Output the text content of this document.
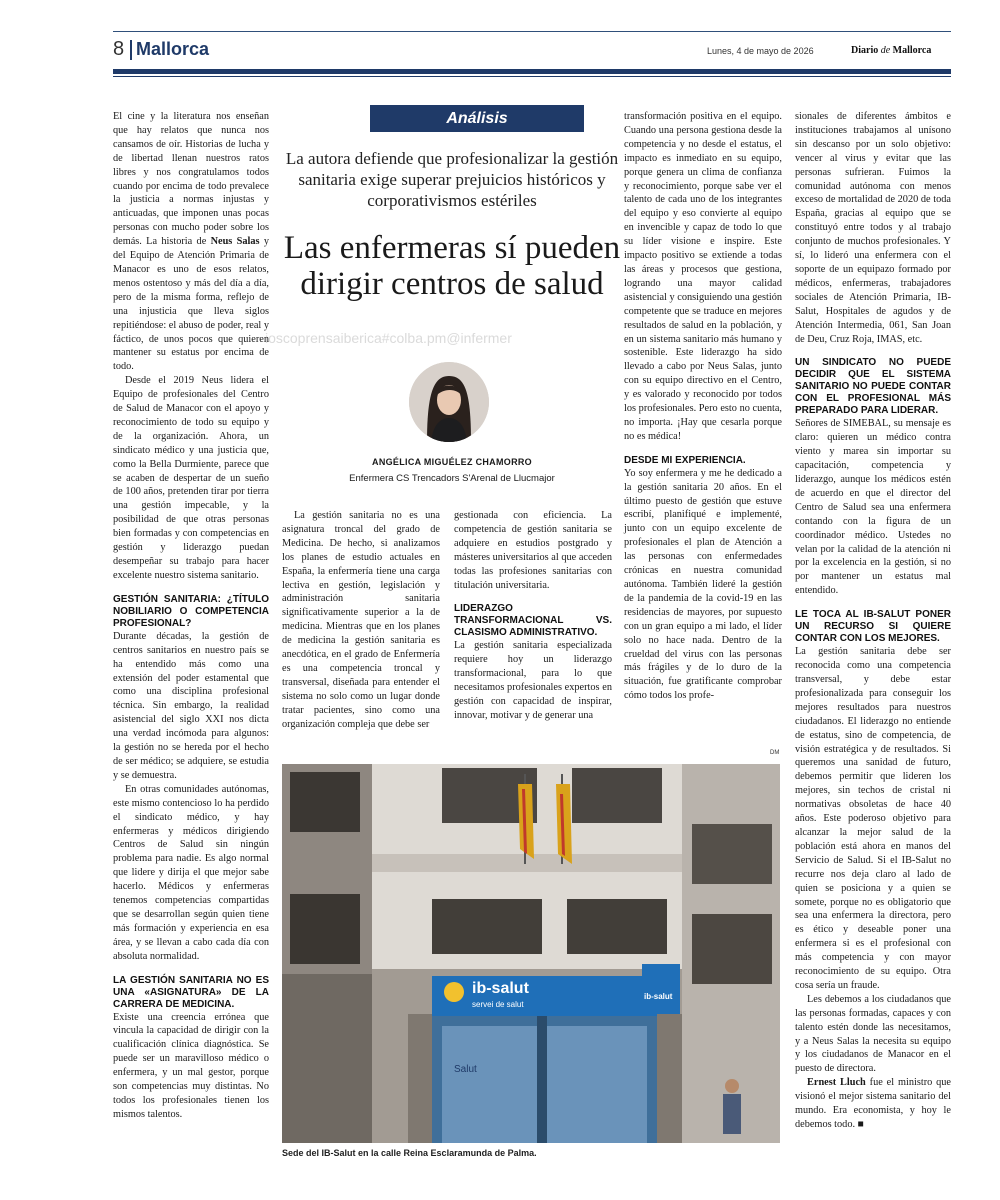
8 Mallorca	Lunes, 4 de mayo de 2026	Diario de Mallorca

El cine y la literatura nos enseñan que hay relatos que nunca nos cansamos de oír. Historias de lucha y de libertad llenan nuestros ratos libres y nos congratulamos todos cuando por encima de todo prevalece la justicia a normas injustas y anticuadas, que imponen unas pocas personas con mucho poder sobre los demás. La historia de Neus Salas y del Equipo de Atención Primaria de Manacor es uno de esos relatos, menos ostentoso y más del día a día, pero de la misma forma, reflejo de una injusticia que lleva siglos repitiéndose: el abuso de poder, real y fáctico, de unos pocos que quieren mantener su estatus por encima de todo.

Desde el 2019 Neus lidera el Equipo de profesionales del Centro de Salud de Manacor con el apoyo y reconocimiento de todo su equipo y de la organización. Ahora, un sindicato médico y una justicia que, como la Bella Durmiente, parece que se acaben de despertar de un sueño de 100 años, pretenden tirar por tierra una gestión impecable, y la posibilidad de que otras personas bien formadas y con competencias en gestión y liderazgo puedan desempeñar su trabajo para hacer excelente nuestro sistema sanitario.

GESTIÓN SANITARIA: ¿TÍTULO NOBILIARIO O COMPETENCIA PROFESIONAL?

Durante décadas, la gestión de centros sanitarios en nuestro país se ha entendido más como una extensión del poder estamental que como una disciplina profesional técnica. Sin embargo, la realidad asistencial del siglo XXI nos dicta una verdad incómoda para algunos: la gestión no se hereda por el hecho de ser médico; se adquiere, se estudia y se demuestra.

En otras comunidades autónomas, este mismo contencioso lo ha perdido el sindicato médico, y hay enfermeras y médicos dirigiendo Centros de Salud sin ningún problema para nadie. Es algo normal que lidere y dirija el que mejor sabe hacerlo. Médicos y enfermeras tenemos competencias compartidas que se desarrollan según quien tiene más formación y experiencia en esa área, y se llevan a cabo cada día con absoluta normalidad.

LA GESTIÓN SANITARIA NO ES UNA «ASIGNATURA» DE LA CARRERA DE MEDICINA.

Existe una creencia errónea que vincula la capacidad de dirigir con la cualificación clínica diagnóstica. Se puede ser un maravilloso médico o enfermera, y un mal gestor, porque son competencias muy distintas. No todos los profesionales tienen los mismos talentos.

Análisis
La autora defiende que profesionalizar la gestión sanitaria exige superar prejuicios históricos y corporativismos estériles
Las enfermeras sí pueden dirigir centros de salud
ioscoprensaiberica#colba.pm@infermer
ANGÉLICA MIGUÉLEZ CHAMORRO
Enfermera CS Trencadors S'Arenal de Llucmajor

La gestión sanitaria no es una asignatura troncal del grado de Medicina. De hecho, si analizamos los planes de estudio actuales en España, la enfermería tiene una carga lectiva en gestión, legislación y administración sanitaria significativamente superior a la de medicina. Mientras que en los planes de medicina la gestión sanitaria es anecdótica, en el grado de Enfermería es una competencia troncal y transversal, diseñada para entender el sistema no solo como un lugar donde tratar pacientes, sino como una organización compleja que debe ser

gestionada con eficiencia. La competencia de gestión sanitaria se adquiere en estudios postgrado y másteres universitarios al que acceden todas las profesiones sanitarias con titulación universitaria.

LIDERAZGO TRANSFORMACIONAL VS. CLASISMO ADMINISTRATIVO.

La gestión sanitaria especializada requiere hoy un liderazgo transformacional, para lo que necesitamos profesionales expertos en gestión con capacidad de inspirar, innovar, motivar y de generar una

transformación positiva en el equipo. Cuando una persona gestiona desde la competencia y no desde el estatus, el impacto es inmediato en su equipo, porque genera un clima de confianza y reconocimiento, porque sabe ver el talento de cada uno de los integrantes del equipo y eso convierte al equipo en invencible y capaz de todo lo que su líder visione e inspire. Este impacto positivo se extiende a todas las áreas y procesos que gestiona, logrando una mayor calidad asistencial y consiguiendo una gestión competente que se traduce en mejores resultados de salud en la población, y en un sistema sanitario más humano y sostenible. Este liderazgo ha sido llevado a cabo por Neus Salas, junto con su equipo directivo en el Centro, y es valorado y reconocido por todos los profesionales. Pero esto no cuenta, no importa. ¡Hay que cesarla porque no es médica!

DESDE MI EXPERIENCIA.

Yo soy enfermera y me he dedicado a la gestión sanitaria 20 años. En el último puesto de gestión que estuve escribí, planifiqué e implementé, junto con un equipo excelente de profesionales el plan de Atención a las personas con enfermedades crónicas en nuestra comunidad autónoma. También lideré la gestión de la pandemia de la covid-19 en las residencias de mayores, por supuesto con un gran equipo a mi lado, el líder solo no hace nada. Dentro de la crueldad del virus con las personas más frágiles y de lo duro de la situación, fue gratificante comprobar cómo todos los profe-

sionales de diferentes ámbitos e instituciones trabajamos al unísono sin descanso por un solo objetivo: vencer al virus y evitar que las personas sufrieran. Fuimos la comunidad autónoma con menos exceso de mortalidad de 2020 de toda España, gracias al equipo que se constituyó entre todos y al trabajo conjunto de muchos profesionales. Y sí, lo lideró una enfermera con el soporte de un equipazo formado por médicos, enfermeras, trabajadores sociales de Atención Primaria, IB-Salut, Hospitales de agudos y de Atención Intermedia, 061, San Joan de Deu, Cruz Roja, IMAS, etc.

UN SINDICATO NO PUEDE DECIDIR QUE EL SISTEMA SANITARIO NO PUEDE CONTAR CON EL PROFESIONAL MÁS PREPARADO PARA LIDERAR.

Señores de SIMEBAL, su mensaje es claro: quieren un médico contra viento y marea sin importar su capacitación, competencia y liderazgo, aunque los médicos estén de acuerdo en que el director del Centro de Salud sea una enfermera contando con la figura de un coordinador médico. Ustedes no velan por la calidad de la atención ni por la excelencia en la gestión, si no por mantener un estatus mal entendido.

LE TOCA AL IB-SALUT PONER UN RECURSO SI QUIERE CONTAR CON LOS MEJORES.

La gestión sanitaria debe ser reconocida como una competencia transversal, y debe estar profesionalizada para conseguir los mejores resultados para nuestros ciudadanos. El liderazgo no entiende de estatus, sino de competencia, de visión estratégica y de resultados. Si queremos una sanidad de futuro, debemos permitir que lideren los mejores, sin techos de cristal ni normativas obsoletas de hace 40 años. Este poderoso objetivo para alcanzar la mejor salud de la población está ahora en manos del Servicio de Salud. Si el IB-Salut no recurre nos deja claro al lado de quien se posiciona y a quien se somete, porque no es obligatorio que sea una enfermera la directora, pero es ético y deseable poner una enfermera si es el profesional con más competencia y con mayor reconocimiento de su equipo. Otra cosa sería un fraude.

Les debemos a los ciudadanos que las personas formadas, capaces y con talento estén donde las necesitamos, y a Neus Salas la necesita su equipo y los ciudadanos de Manacor en el puesto de directora.

Ernest Lluch fue el ministro que visionó el mejor sistema sanitario del mundo. Era economista, y hoy le debemos todo. ■

DM
ib-salut
servei de salut
ib-salut
Salut
Sede del IB-Salut en la calle Reina Esclaramunda de Palma.
